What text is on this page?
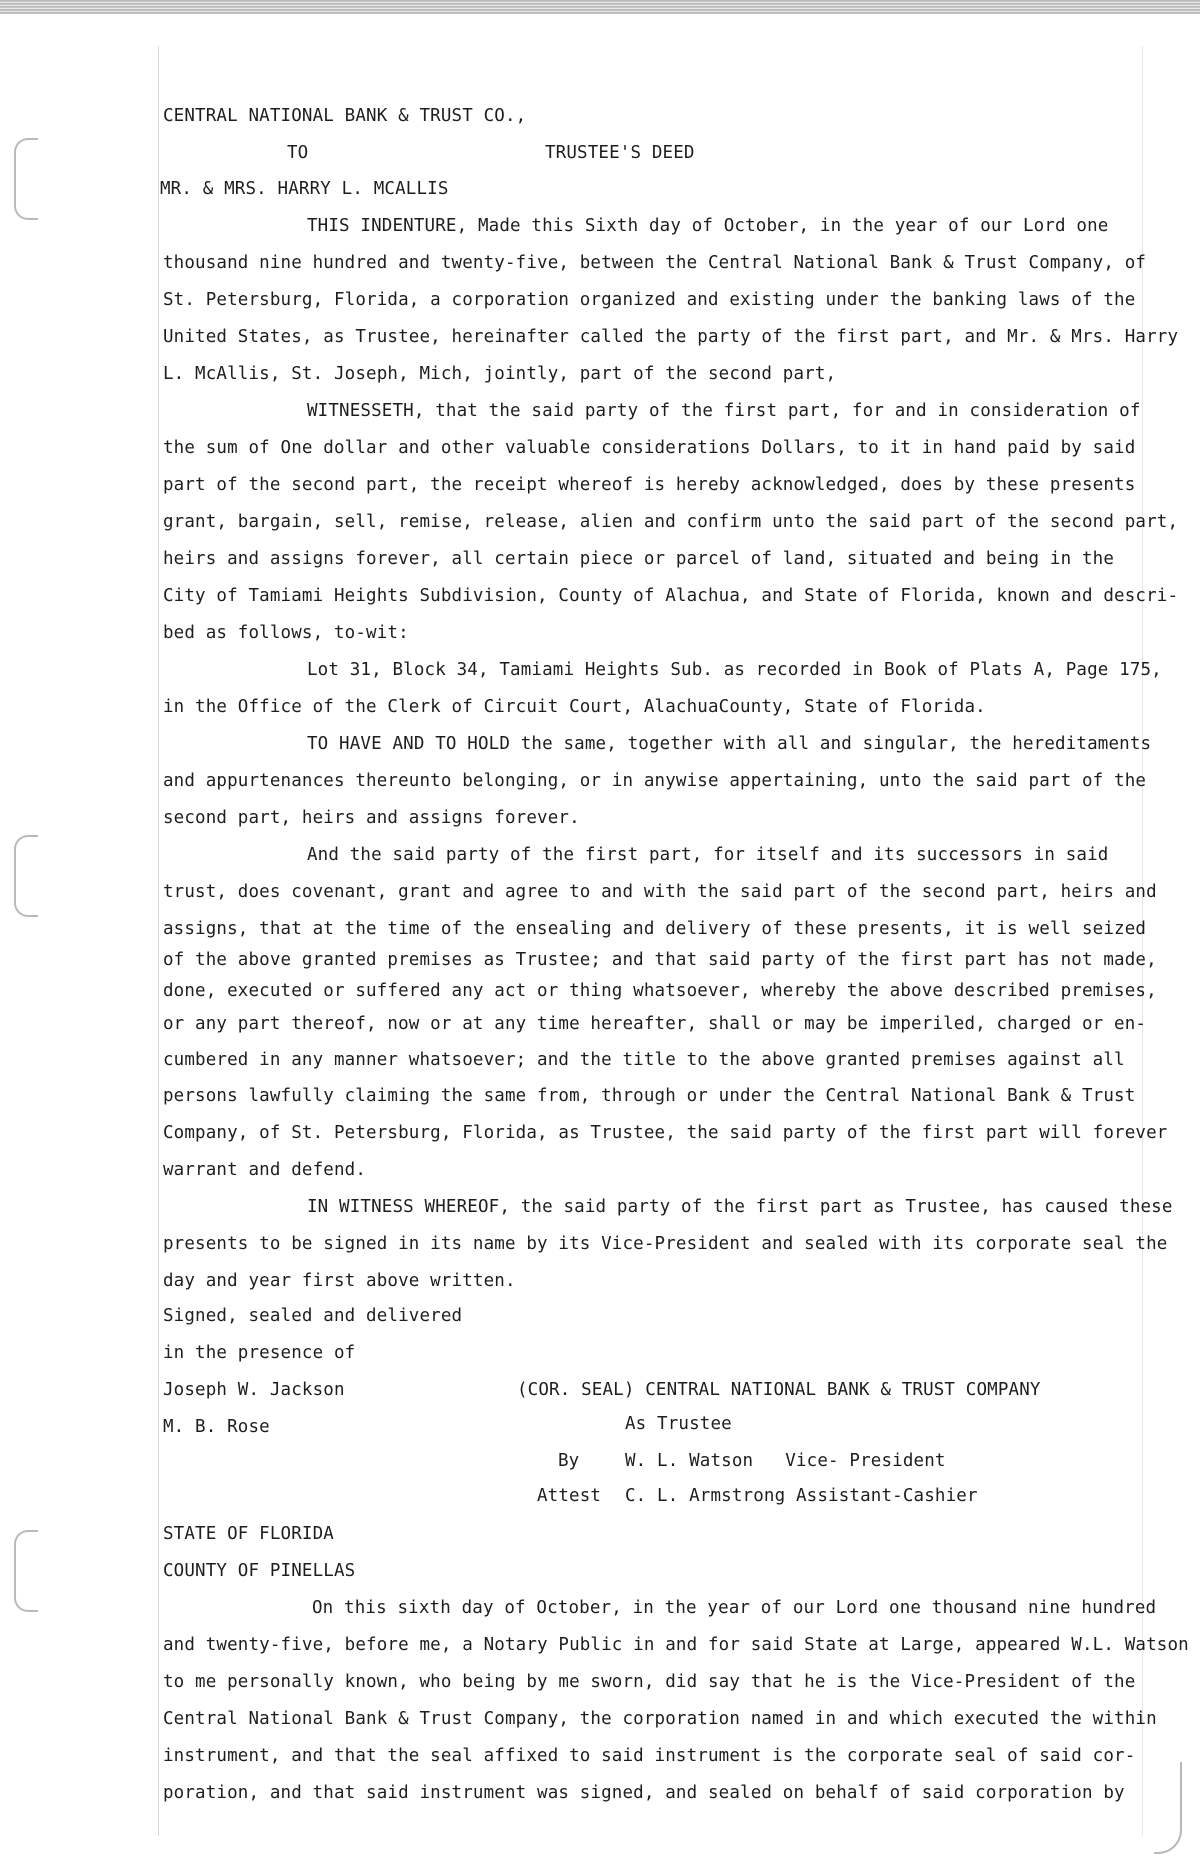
CENTRAL NATIONAL BANK & TRUST CO.,
TO	TRUSTEE'S DEED
MR. & MRS. HARRY L. MCALLIS
THIS INDENTURE, Made this Sixth day of October, in the year of our Lord one
thousand nine hundred and twenty-five, between the Central National Bank & Trust Company, of
St. Petersburg, Florida, a corporation organized and existing under the banking laws of the
United States, as Trustee, hereinafter called the party of the first part, and Mr. & Mrs. Harry
L. McAllis, St. Joseph, Mich, jointly, part of the second part,
WITNESSETH, that the said party of the first part, for and in consideration of
the sum of One dollar and other valuable considerations Dollars, to it in hand paid by said
part of the second part, the receipt whereof is hereby acknowledged, does by these presents
grant, bargain, sell, remise, release, alien and confirm unto the said part of the second part,
heirs and assigns forever, all certain piece or parcel of land, situated and being in the
City of Tamiami Heights Subdivision, County of Alachua, and State of Florida, known and descri-
bed as follows, to-wit:
Lot 31, Block 34, Tamiami Heights Sub. as recorded in Book of Plats A, Page 175,
in the Office of the Clerk of Circuit Court, AlachuaCounty, State of Florida.
TO HAVE AND TO HOLD the same, together with all and singular, the hereditaments
and appurtenances thereunto belonging, or in anywise appertaining, unto the said part of the
second part, heirs and assigns forever.
And the said party of the first part, for itself and its successors in said
trust, does covenant, grant and agree to and with the said part of the second part, heirs and
assigns, that at the time of the ensealing and delivery of these presents, it is well seized
of the above granted premises as Trustee; and that said party of the first part has not made,
done, executed or suffered any act or thing whatsoever, whereby the above described premises,
or any part thereof, now or at any time hereafter, shall or may be imperiled, charged or en-
cumbered in any manner whatsoever; and the title to the above granted premises against all
persons lawfully claiming the same from, through or under the Central National Bank & Trust
Company, of St. Petersburg, Florida, as Trustee, the said party of the first part will forever
warrant and defend.
IN WITNESS WHEREOF, the said party of the first part as Trustee, has caused these
presents to be signed in its name by its Vice-President and sealed with its corporate seal the
day and year first above written.
Signed, sealed and delivered
in the presence of
Joseph W. Jackson	(COR. SEAL) CENTRAL NATIONAL BANK & TRUST COMPANY
M. B. Rose	As Trustee
By	W. L. Watson   Vice- President
Attest C. L. Armstrong Assistant-Cashier
STATE OF FLORIDA
COUNTY OF PINELLAS
On this sixth day of October, in the year of our Lord one thousand nine hundred
and twenty-five, before me, a Notary Public in and for said State at Large, appeared W.L. Watson
to me personally known, who being by me sworn, did say that he is the Vice-President of the
Central National Bank & Trust Company, the corporation named in and which executed the within
instrument, and that the seal affixed to said instrument is the corporate seal of said cor-
poration, and that said instrument was signed, and sealed on behalf of said corporation by
